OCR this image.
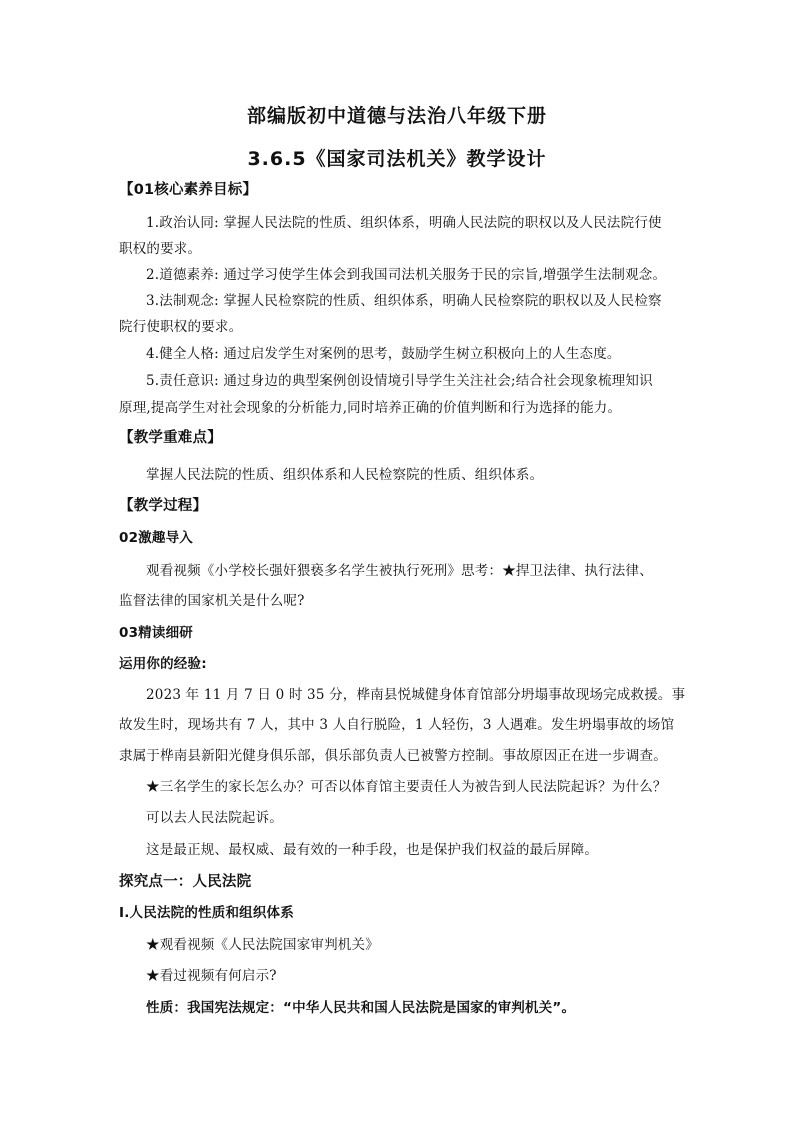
部编版初中道德与法治八年级下册
3.6.5《国家司法机关》教学设计
【01核心素养目标】
1.政治认同: 掌握人民法院的性质、组织体系，明确人民法院的职权以及人民法院行使
职权的要求。
2.道德素养: 通过学习使学生体会到我国司法机关服务于民的宗旨,增强学生法制观念。
3.法制观念: 掌握人民检察院的性质、组织体系，明确人民检察院的职权以及人民检察
院行使职权的要求。
4.健全人格: 通过启发学生对案例的思考，鼓励学生树立积极向上的人生态度。
5.责任意识: 通过身边的典型案例创设情境引导学生关注社会;结合社会现象梳理知识
原理,提高学生对社会现象的分析能力,同时培养正确的价值判断和行为选择的能力。
【教学重难点】
掌握人民法院的性质、组织体系和人民检察院的性质、组织体系。
【教学过程】
02激趣导入
观看视频《小学校长强奸猥亵多名学生被执行死刑》思考：★捍卫法律、执行法律、
监督法律的国家机关是什么呢?
03精读细研
运用你的经验:
2023 年 11 月 7 日 0 时 35 分，桦南县悦城健身体育馆部分坍塌事故现场完成救援。事
故发生时，现场共有 7 人，其中 3 人自行脱险，1 人轻伤，3 人遇难。发生坍塌事故的场馆
隶属于桦南县新阳光健身俱乐部，俱乐部负责人已被警方控制。事故原因正在进一步调查。
★三名学生的家长怎么办？可否以体育馆主要责任人为被告到人民法院起诉？为什么？
可以去人民法院起诉。
这是最正规、最权威、最有效的一种手段，也是保护我们权益的最后屏障。
探究点一：人民法院
Ⅰ.人民法院的性质和组织体系
★观看视频《人民法院国家审判机关》
★看过视频有何启示?
性质：我国宪法规定：“中华人民共和国人民法院是国家的审判机关”。
